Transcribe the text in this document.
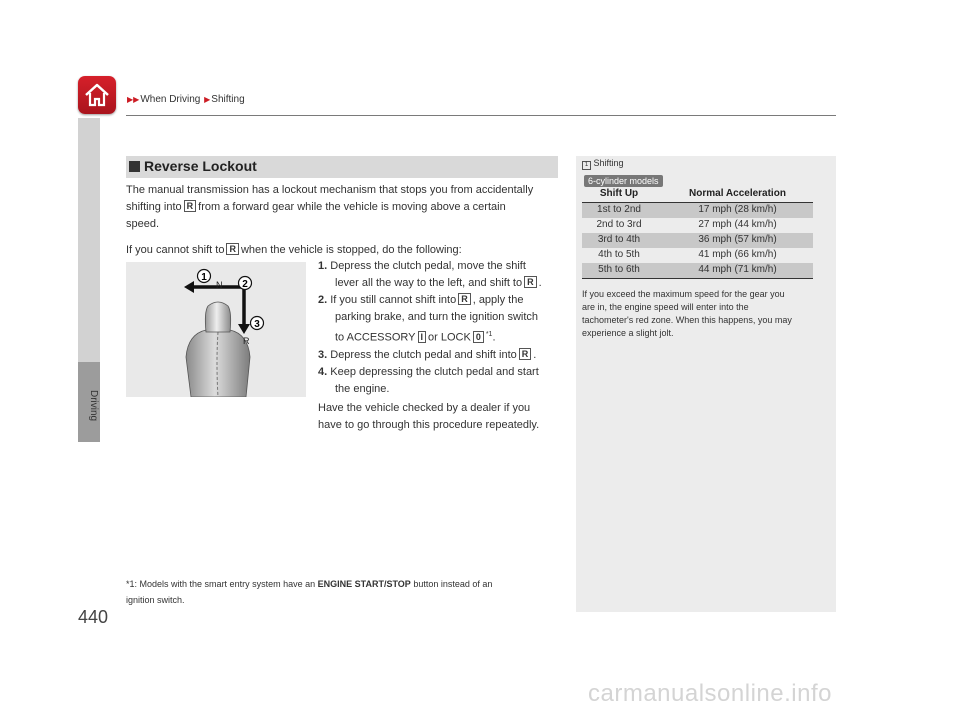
▶▶When Driving ▶Shifting
Driving
440
Reverse Lockout
The manual transmission has a lockout mechanism that stops you from accidentally
shifting into R from a forward gear while the vehicle is moving above a certain
speed.
If you cannot shift to R when the vehicle is stopped, do the following:
1
2
3
N
R
1. Depress the clutch pedal, move the shift
lever all the way to the left, and shift to R .
2. If you still cannot shift into R , apply the
parking brake, and turn the ignition switch
to ACCESSORY I or LOCK 0 $^{*1}$.
3. Depress the clutch pedal and shift into R .
4. Keep depressing the clutch pedal and start
the engine.
Have the vehicle checked by a dealer if you
have to go through this procedure repeatedly.
*1: Models with the smart entry system have an ENGINE START/STOP button instead of an
ignition switch.
1 Shifting
6-cylinder models
Shift Up	Normal Acceleration
1st to 2nd	17 mph (28 km/h)
2nd to 3rd	27 mph (44 km/h)
3rd to 4th	36 mph (57 km/h)
4th to 5th	41 mph (66 km/h)
5th to 6th	44 mph (71 km/h)
If you exceed the maximum speed for the gear you
are in, the engine speed will enter into the
tachometer's red zone. When this happens, you may
experience a slight jolt.
carmanualsonline.info
